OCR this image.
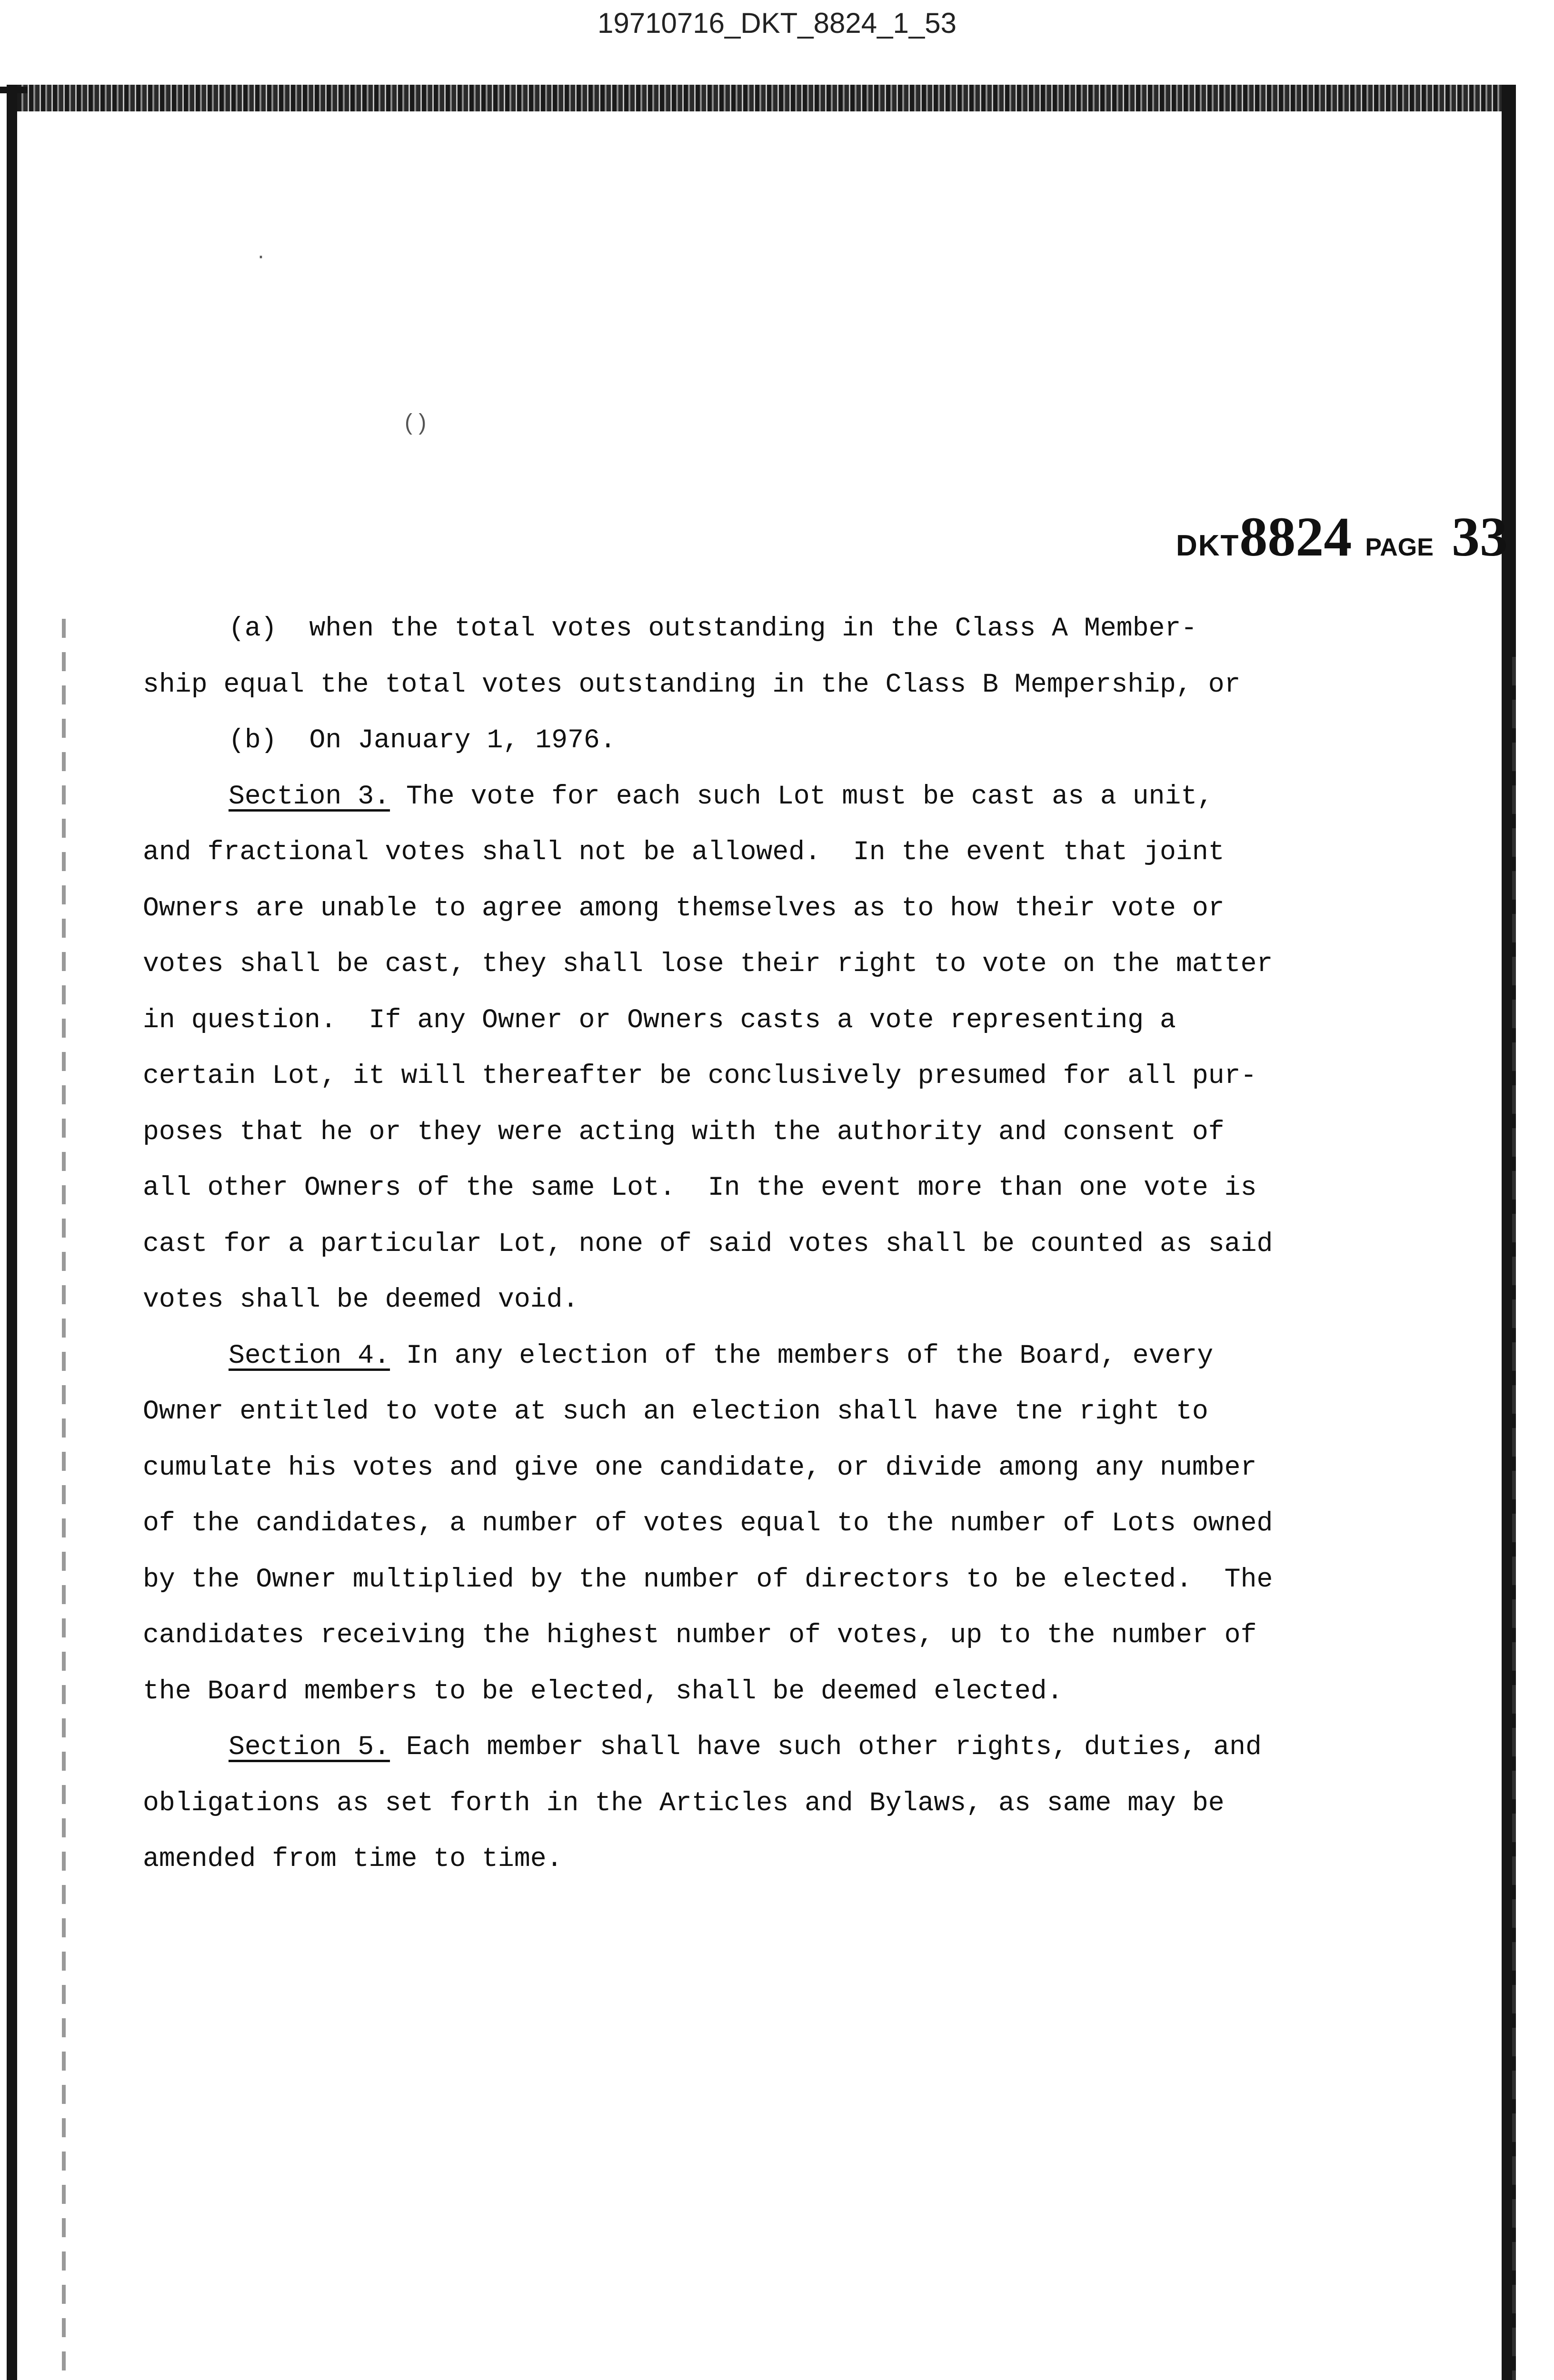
19710716_DKT_8824_1_53
·
( )
DKT8824 PAGE 33
(a)  when the total votes outstanding in the Class A Member-
ship equal the total votes outstanding in the Class B Mempership, or
(b)  On January 1, 1976.
Section 3. The vote for each such Lot must be cast as a unit,
and fractional votes shall not be allowed.  In the event that joint
Owners are unable to agree among themselves as to how their vote or
votes shall be cast, they shall lose their right to vote on the matter
in question.  If any Owner or Owners casts a vote representing a
certain Lot, it will thereafter be conclusively presumed for all pur-
poses that he or they were acting with the authority and consent of
all other Owners of the same Lot.  In the event more than one vote is
cast for a particular Lot, none of said votes shall be counted as said
votes shall be deemed void.
Section 4. In any election of the members of the Board, every
Owner entitled to vote at such an election shall have tne right to
cumulate his votes and give one candidate, or divide among any number
of the candidates, a number of votes equal to the number of Lots owned
by the Owner multiplied by the number of directors to be elected.  The
candidates receiving the highest number of votes, up to the number of
the Board members to be elected, shall be deemed elected.
Section 5. Each member shall have such other rights, duties, and
obligations as set forth in the Articles and Bylaws, as same may be
amended from time to time.
